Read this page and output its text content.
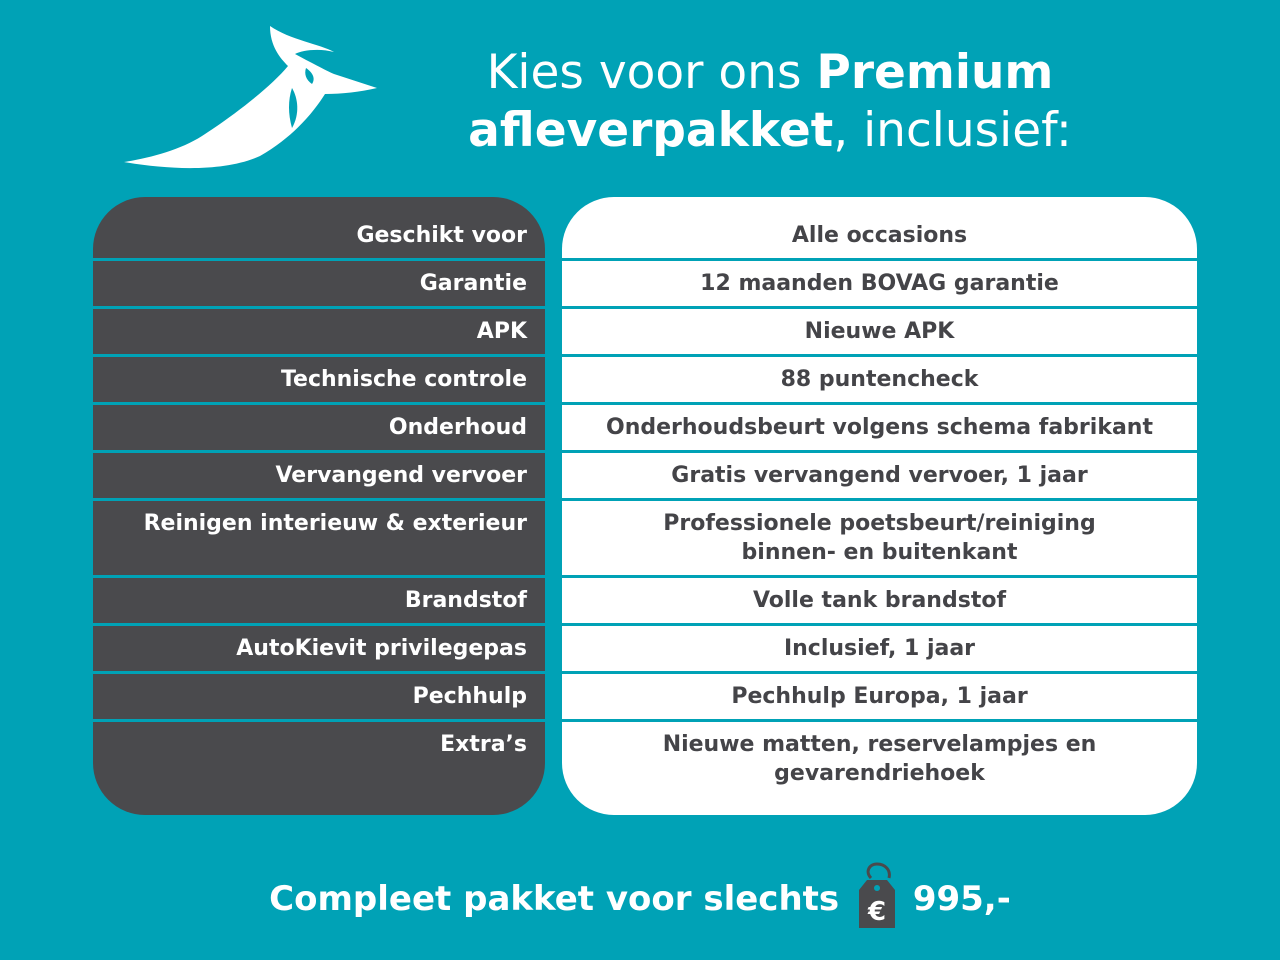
Kies voor ons Premium
afleverpakket, inclusief:
Geschikt voor
Garantie
APK
Technische controle
Onderhoud
Vervangend vervoer
Reinigen interieuw & exterieur
Brandstof
AutoKievit privilegepas
Pechhulp
Extra’s
Alle occasions
12 maanden BOVAG garantie
Nieuwe APK
88 puntencheck
Onderhoudsbeurt volgens schema fabrikant
Gratis vervangend vervoer, 1 jaar
Professionele poetsbeurt/reiniging
binnen- en buitenkant
Volle tank brandstof
Inclusief, 1 jaar
Pechhulp Europa, 1 jaar
Nieuwe matten, reservelampjes en
gevarendriehoek
Compleet pakket voor slechts € 995,-
